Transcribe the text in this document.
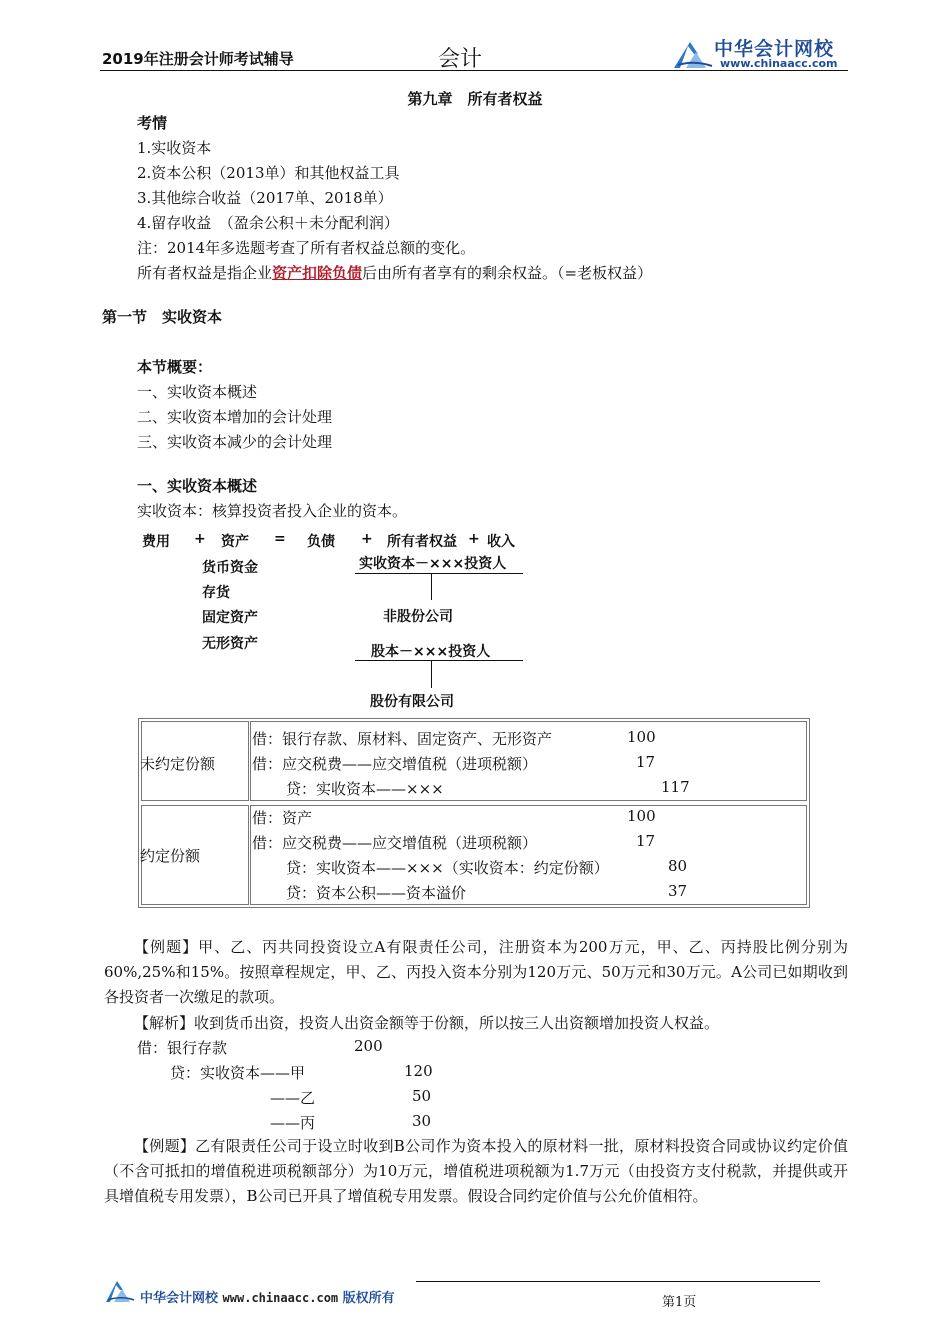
2019年注册会计师考试辅导	会计	中华会计网校
www.chinaacc.com
第九章　所有者权益
考情
1.实收资本
2.资本公积（2013单）和其他权益工具
3.其他综合收益（2017单、2018单）
4.留存收益　（盈余公积＋未分配利润）
注：2014年多选题考查了所有者权益总额的变化。
所有者权益是指企业资产扣除负债后由所有者享有的剩余权益。（=老板权益）
第一节　实收资本
本节概要：
一、实收资本概述
二、实收资本增加的会计处理
三、实收资本减少的会计处理
一、实收资本概述
实收资本：核算投资者投入企业的资本。
费用 + 资产 = 负债 + 所有者权益 + 收入
货币资金
存货
固定资产
无形资产
实收资本－×××投资人
非股份公司
股本－×××投资人
股份有限公司
未约定份额
借：银行存款、原材料、固定资产、无形资产	100
借：应交税费——应交增值税（进项税额）	17
贷：实收资本——×××	117
约定份额
借：资产	100
借：应交税费——应交增值税（进项税额）	17
贷：实收资本——×××（实收资本：约定份额）	80
贷：资本公积——资本溢价	37
【例题】甲、乙、丙共同投资设立A有限责任公司，注册资本为200万元，甲、乙、丙持股比例分别为60%,25%和15%。按照章程规定，甲、乙、丙投入资本分别为120万元、50万元和30万元。A公司已如期收到各投资者一次缴足的款项。
【解析】收到货币出资，投资人出资金额等于份额，所以按三人出资额增加投资人权益。
借：银行存款	200
贷：实收资本——甲	120
——乙	50
——丙	30
【例题】乙有限责任公司于设立时收到B公司作为资本投入的原材料一批，原材料投资合同或协议约定价值（不含可抵扣的增值税进项税额部分）为10万元，增值税进项税额为1.7万元（由投资方支付税款，并提供或开具增值税专用发票），B公司已开具了增值税专用发票。假设合同约定价值与公允价值相符。
中华会计网校 www.chinaacc.com 版权所有	第1页
